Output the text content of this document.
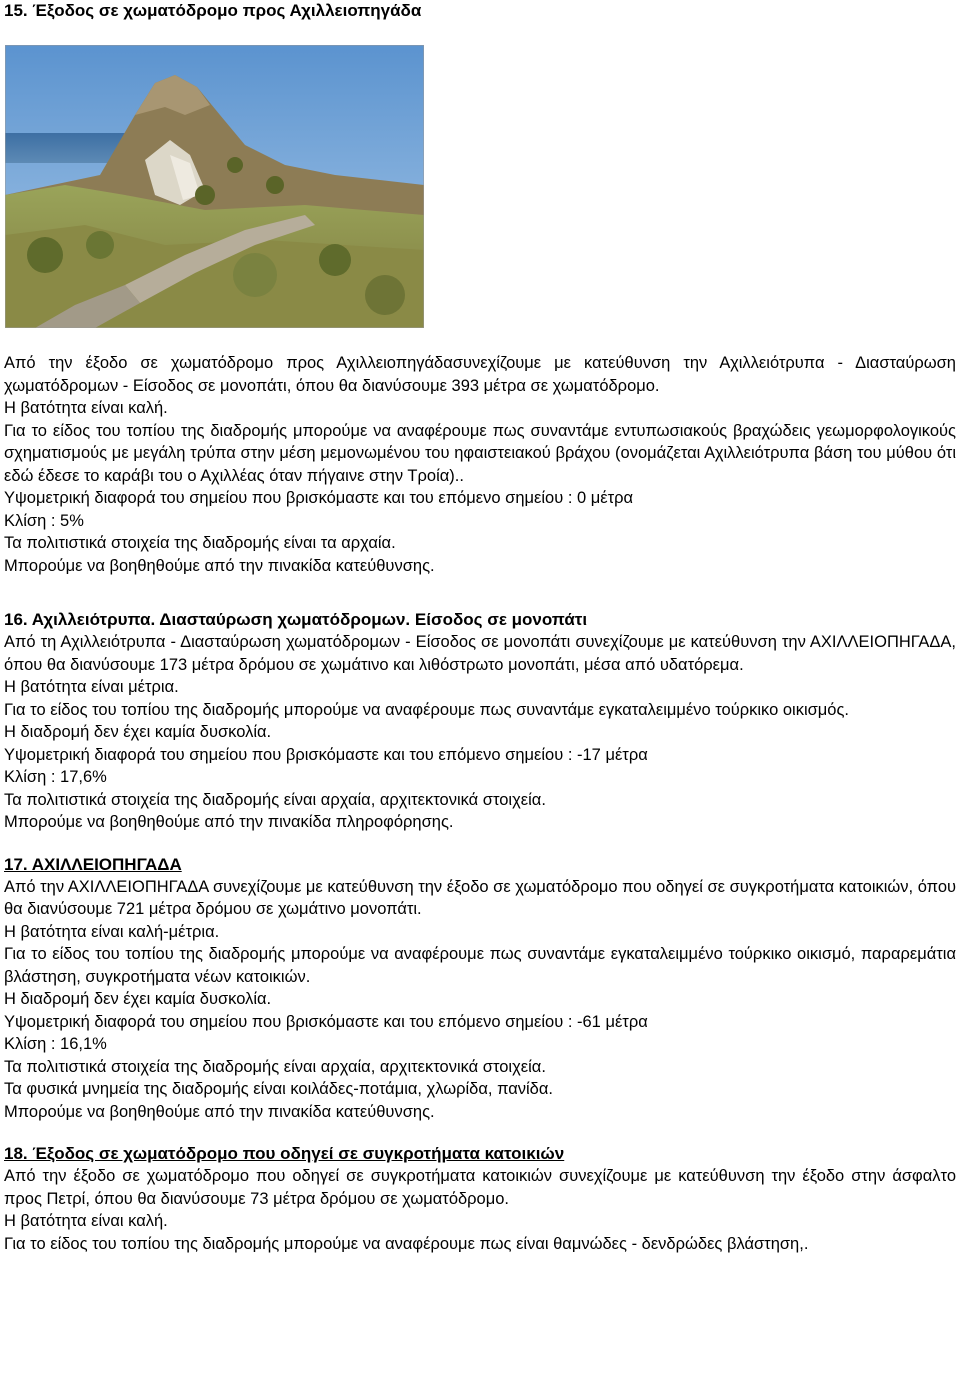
15. Έξοδος σε χωματόδρομο προς Αχιλλειοπηγάδα

Από την έξοδο σε χωματόδρομο προς Αχιλλειοπηγάδασυνεχίζουμε με κατεύθυνση την Αχιλλειότρυπα - Διασταύρωση χωματόδρομων - Είσοδος σε μονοπάτι, όπου θα διανύσουμε 393 μέτρα σε χωματόδρομο.

Η βατότητα είναι καλή.

Για το είδος του τοπίου της διαδρομής μπορούμε να αναφέρουμε πως συναντάμε εντυπωσιακούς βραχώδεις γεωμορφολογικούς σχηματισμούς με μεγάλη τρύπα στην μέση μεμονωμένου του ηφαιστειακού βράχου (ονομάζεται Αχιλλειότρυπα βάση του μύθου ότι εδώ έδεσε το καράβι του ο Αχιλλέας όταν πήγαινε στην Τροία)..

Υψομετρική διαφορά του σημείου που βρισκόμαστε και του επόμενο σημείου : 0 μέτρα

Κλίση : 5%

Τα πολιτιστικά στοιχεία της διαδρομής είναι τα αρχαία.

Μπορούμε να βοηθηθούμε από την πινακίδα κατεύθυνσης.

16. Αχιλλειότρυπα. Διασταύρωση χωματόδρομων. Είσοδος σε μονοπάτι

Από τη Αχιλλειότρυπα - Διασταύρωση χωματόδρομων - Είσοδος σε μονοπάτι συνεχίζουμε με κατεύθυνση την ΑΧΙΛΛΕΙΟΠΗΓΑΔΑ, όπου θα διανύσουμε 173 μέτρα δρόμου σε χωμάτινο και λιθόστρωτο μονοπάτι, μέσα από υδατόρεμα.

Η βατότητα είναι μέτρια.

Για το είδος του τοπίου της διαδρομής μπορούμε να αναφέρουμε πως συναντάμε εγκαταλειμμένο τούρκικο οικισμός.

Η διαδρομή δεν έχει καμία δυσκολία.

Υψομετρική διαφορά του σημείου που βρισκόμαστε και του επόμενο σημείου : -17 μέτρα

Κλίση : 17,6%

Τα πολιτιστικά στοιχεία της διαδρομής είναι αρχαία, αρχιτεκτονικά στοιχεία.

Μπορούμε να βοηθηθούμε από την πινακίδα πληροφόρησης.

17. ΑΧΙΛΛΕΙΟΠΗΓΑΔΑ

Από την ΑΧΙΛΛΕΙΟΠΗΓΑΔΑ συνεχίζουμε με κατεύθυνση την έξοδο σε χωματόδρομο που οδηγεί σε συγκροτήματα κατοικιών, όπου θα διανύσουμε 721 μέτρα δρόμου σε χωμάτινο μονοπάτι.

Η βατότητα είναι καλή-μέτρια.

Για το είδος του τοπίου της διαδρομής μπορούμε να αναφέρουμε πως συναντάμε εγκαταλειμμένο τούρκικο οικισμό, παραρεμάτια βλάστηση, συγκροτήματα νέων κατοικιών.

Η διαδρομή δεν έχει καμία δυσκολία.

Υψομετρική διαφορά του σημείου που βρισκόμαστε και του επόμενο σημείου : -61 μέτρα

Κλίση : 16,1%

Τα πολιτιστικά στοιχεία της διαδρομής είναι αρχαία, αρχιτεκτονικά στοιχεία.

Τα φυσικά μνημεία της διαδρομής είναι κοιλάδες-ποτάμια, χλωρίδα, πανίδα.

Μπορούμε να βοηθηθούμε από την πινακίδα κατεύθυνσης.

18. Έξοδος σε χωματόδρομο που οδηγεί σε συγκροτήματα κατοικιών

Από την έξοδο σε χωματόδρομο που οδηγεί σε συγκροτήματα κατοικιών συνεχίζουμε με κατεύθυνση την έξοδο στην άσφαλτο προς Πετρί, όπου θα διανύσουμε 73 μέτρα δρόμου σε χωματόδρομο.

Η βατότητα είναι καλή.

Για το είδος του τοπίου της διαδρομής μπορούμε να αναφέρουμε πως είναι θαμνώδες - δενδρώδες βλάστηση,.
